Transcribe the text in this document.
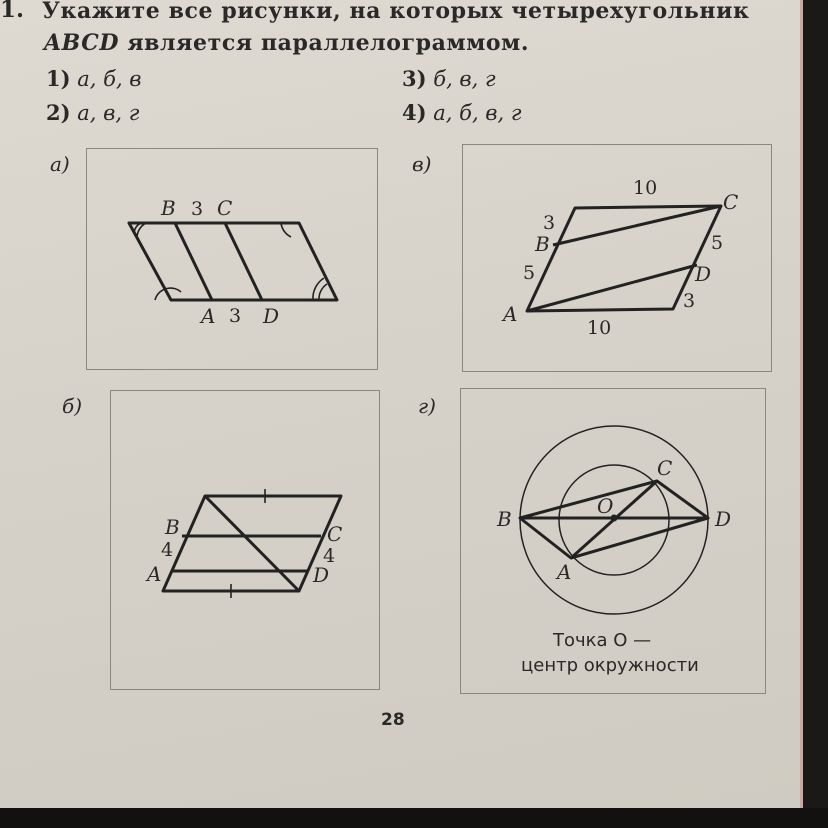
1. Укажите все рисунки, на которых четырехугольник
ABCD является параллелограммом.
1) а, б, в
2) а, в, г
3) б, в, г
4) а, б, в, г
а)
B 3 C
A 3 D
в)
10
C
3
B	5
5	D
3
A
10
б)
B
4
A
C
4
D
г)
B
C
O
D
A
Точка O —
центр окружности
28
